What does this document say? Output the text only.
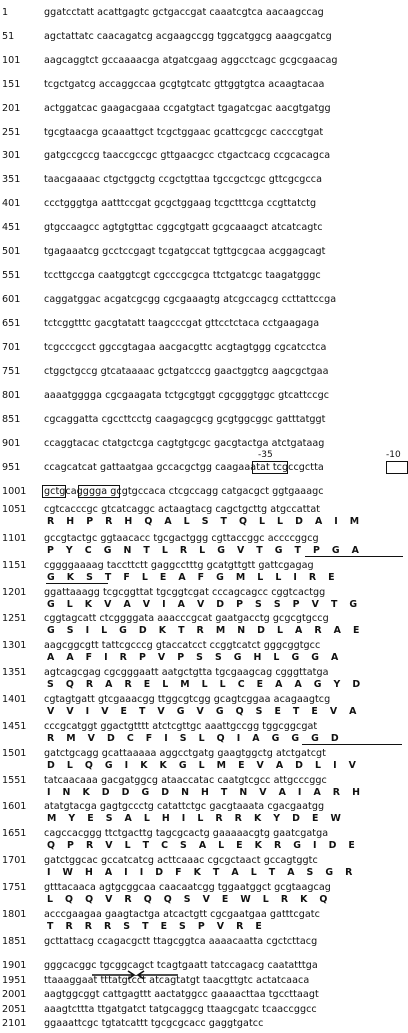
1	ggatcctatt acattgagtc gctgaccgat caaatcgtca aacaagccag
51	agctattatc caacagatcg acgaagccgg tggcatggcg aaagcgatcg
101	aagcaggtct gccaaaacga atgatcgaag aggcctcagc gcgcgaacag
151	tcgctgatcg accaggccaa gcgtgtcatc gttggtgtca acaagtacaa
201	actggatcac gaagacgaaa ccgatgtact tgagatcgac aacgtgatgg
251	tgcgtaacga gcaaattgct tcgctggaac gcattcgcgc cacccgtgat
301	gatgccgccg taaccgccgc gttgaacgcc ctgactcacg ccgcacagca
351	taacgaaaac ctgctggctg ccgctgttaa tgccgctcgc gttcgcgcca
401	ccctgggtga aatttccgat gcgctggaag tcgctttcga ccgttatctg
451	gtgccaagcc agtgtgttac cggcgtgatt gcgcaaagct atcatcagtc
501	tgagaaatcg gcctccgagt tcgatgccat tgttgcgcaa acggagcagt
551	tccttgccga caatggtcgt cgcccgcgca ttctgatcgc taagatgggc
601	caggatggac acgatcgcgg cgcgaaagtg atcgccagcg ccttattccga
651	tctcggtttc gacgtatatt taagcccgat gttcctctaca cctgaagaga
701	tcgcccgcct ggccgtagaa aacgacgttc acgtagtggg cgcatcctca
751	ctggctgccg gtcataaaac gctgatcccg gaactggtcg aagcgctgaa
801	aaaatgggga cgcgaagata tctgcgtggt cgcgggtggc gtcattccgc
851	cgcaggatta cgccttcctg caagagcgcg gcgtggcggc gatttatggt
901	ccaggtacac ctatgctcga cagtgtgcgc gacgtactga atctgataag
951	ccagcatcat gattaatgaa gccacgctgg caagaaatat tcgccgctta
1001	gctgcagggga gcgtgccaca ctcgccagg catgacgct ggtgaaagc
1051	cgtcacccgc gtcatcaggc actaagtacg cagctgcttg atgccattat
1101	gccgtactgc ggtaacacc tgcgactggg cgttaccggc accccggcg
1151	cggggaaaag taccttctt gaggcctttg gcatgttgtt gattcgagag
1201	ggattaaagg tcgcggttat tgcggtcgat cccagcagcc cggtcactgg
1251	cggtagcatt ctcggggata aaacccgcat gaatgacctg gcgcgtgccg
1301	aagcggcgtt tattcgcccg gtaccatcct ccggtcatct gggcggtgcc
1351	agtcagcgag cgcgggaatt aatgctgtta tgcgaagcag cgggttatga
1401	cgtagtgatt gtcgaaacgg ttggcgtcgg gcagtcggaa acagaagtcg
1451	cccgcatggt ggactgtttt atctcgttgc aaattgccgg tggcggcgat
1501	gatctgcagg gcattaaaaa aggcctgatg gaagtggctg atctgatcgt
1551	tatcaacaaa gacgatggcg ataaccatac caatgtcgcc attgcccggc
1601	atatgtacga gagtgccctg catattctgc gacgtaaata cgacgaatgg
1651	cagccacggg ttctgacttg tagcgcactg gaaaaacgtg gaatcgatga
1701	gatctggcac gccatcatcg acttcaaac cgcgctaact gccagtggtc
1751	gtttacaaca agtgcggcaa caacaatcgg tggaatggct gcgtaagcag
1801	acccgaagaa gaagtactga atcactgtt cgcgaatgaa gatttcgatc
1851	gcttattacg ccagacgctt ttagcggtca aaaacaatta cgctcttacg
1901	gggcacggc tgcggcagct tcagtgaatt tatccagacg caatatttga
1951	ttaaaggaat tttatgtcct atcagtatgt taacgttgtc actatcaaca
2001	aagtggcggt cattgagttt aactatggcc gaaaacttaa tgccttaagt
2051	aaagtcttta ttgatgatct tatgcaggcg ttaagcgatc tcaaccggcc
2101	ggaaattcgc tgtatcattt tgcgcgcacc gaggtgatcc
R H P R H Q A L S T Q L L D A I M
P Y C G N T L R L G V T G T P G A
G K S T F L E A F G M L L I R E
G L K V A V I A V D P S S P V T G
G S I L G D K T R M N D L A R A E
A A F I R P V P S S G H L G G A
S Q R A R E L M L L C E A A G Y D
V V I V E T V G V G Q S E T E V A
R M V D C F I S L Q I A G G G D
D L Q G I K K G L M E V A D L I V
I N K D D G D N H T N V A I A R H
M Y E S A L H I L R R K Y D E W
Q P R V L T C S A L E K R G I D E
I W H A I I D F K T A L T A S G R
L Q Q V R Q Q S V E W L R K Q
T R R R S T E S P V R E
-35	-10
